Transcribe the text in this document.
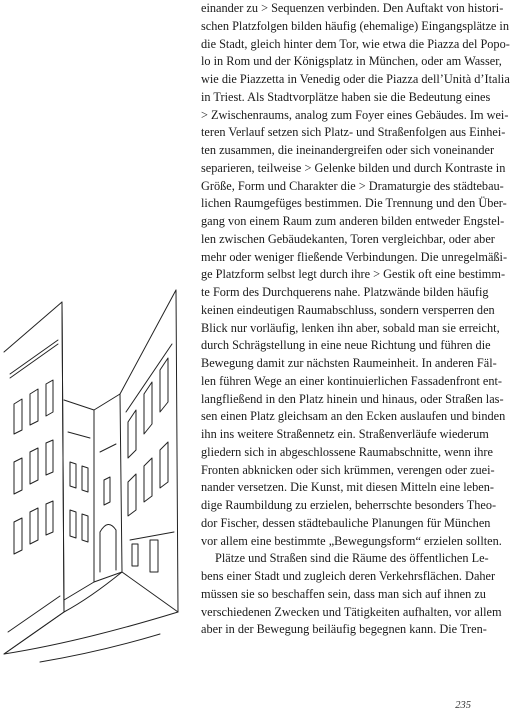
einander zu > Sequenzen verbinden. Den Auftakt von histori-
schen Platzfolgen bilden häufig (ehemalige) Eingangsplätze in
die Stadt, gleich hinter dem Tor, wie etwa die Piazza del Popo-
lo in Rom und der Königsplatz in München, oder am Wasser,
wie die Piazzetta in Venedig oder die Piazza dell’Unità d’Italia
in Triest. Als Stadtvorplätze haben sie die Bedeutung eines
> Zwischenraums, analog zum Foyer eines Gebäudes. Im wei-
teren Verlauf setzen sich Platz- und Straßenfolgen aus Einhei-
ten zusammen, die ineinandergreifen oder sich voneinander
separieren, teilweise > Gelenke bilden und durch Kontraste in
Größe, Form und Charakter die > Dramaturgie des städtebau-
lichen Raumgefüges bestimmen. Die Trennung und den Über-
gang von einem Raum zum anderen bilden entweder Engstel-
len zwischen Gebäudekanten, Toren vergleichbar, oder aber
mehr oder weniger fließende Verbindungen. Die unregelmäßi-
ge Platzform selbst legt durch ihre > Gestik oft eine bestimm-
te Form des Durchquerens nahe. Platzwände bilden häufig
keinen eindeutigen Raumabschluss, sondern versperren den
Blick nur vorläufig, lenken ihn aber, sobald man sie erreicht,
durch Schrägstellung in eine neue Richtung und führen die
Bewegung damit zur nächsten Raumeinheit. In anderen Fäl-
len führen Wege an einer kontinuierlichen Fassadenfront ent-
langfließend in den Platz hinein und hinaus, oder Straßen las-
sen einen Platz gleichsam an den Ecken auslaufen und binden
ihn ins weitere Straßennetz ein. Straßenverläufe wiederum
gliedern sich in abgeschlossene Raumabschnitte, wenn ihre
Fronten abknicken oder sich krümmen, verengen oder zuei-
nander versetzen. Die Kunst, mit diesen Mitteln eine leben-
dige Raumbildung zu erzielen, beherrschte besonders Theo-
dor Fischer, dessen städtebauliche Planungen für München
vor allem eine bestimmte „Bewegungsform“ erzielen sollten.

Plätze und Straßen sind die Räume des öffentlichen Le-
bens einer Stadt und zugleich deren Verkehrsflächen. Daher
müssen sie so beschaffen sein, dass man sich auf ihnen zu
verschiedenen Zwecken und Tätigkeiten aufhalten, vor allem
aber in der Bewegung beiläufig begegnen kann. Die Tren-

235
